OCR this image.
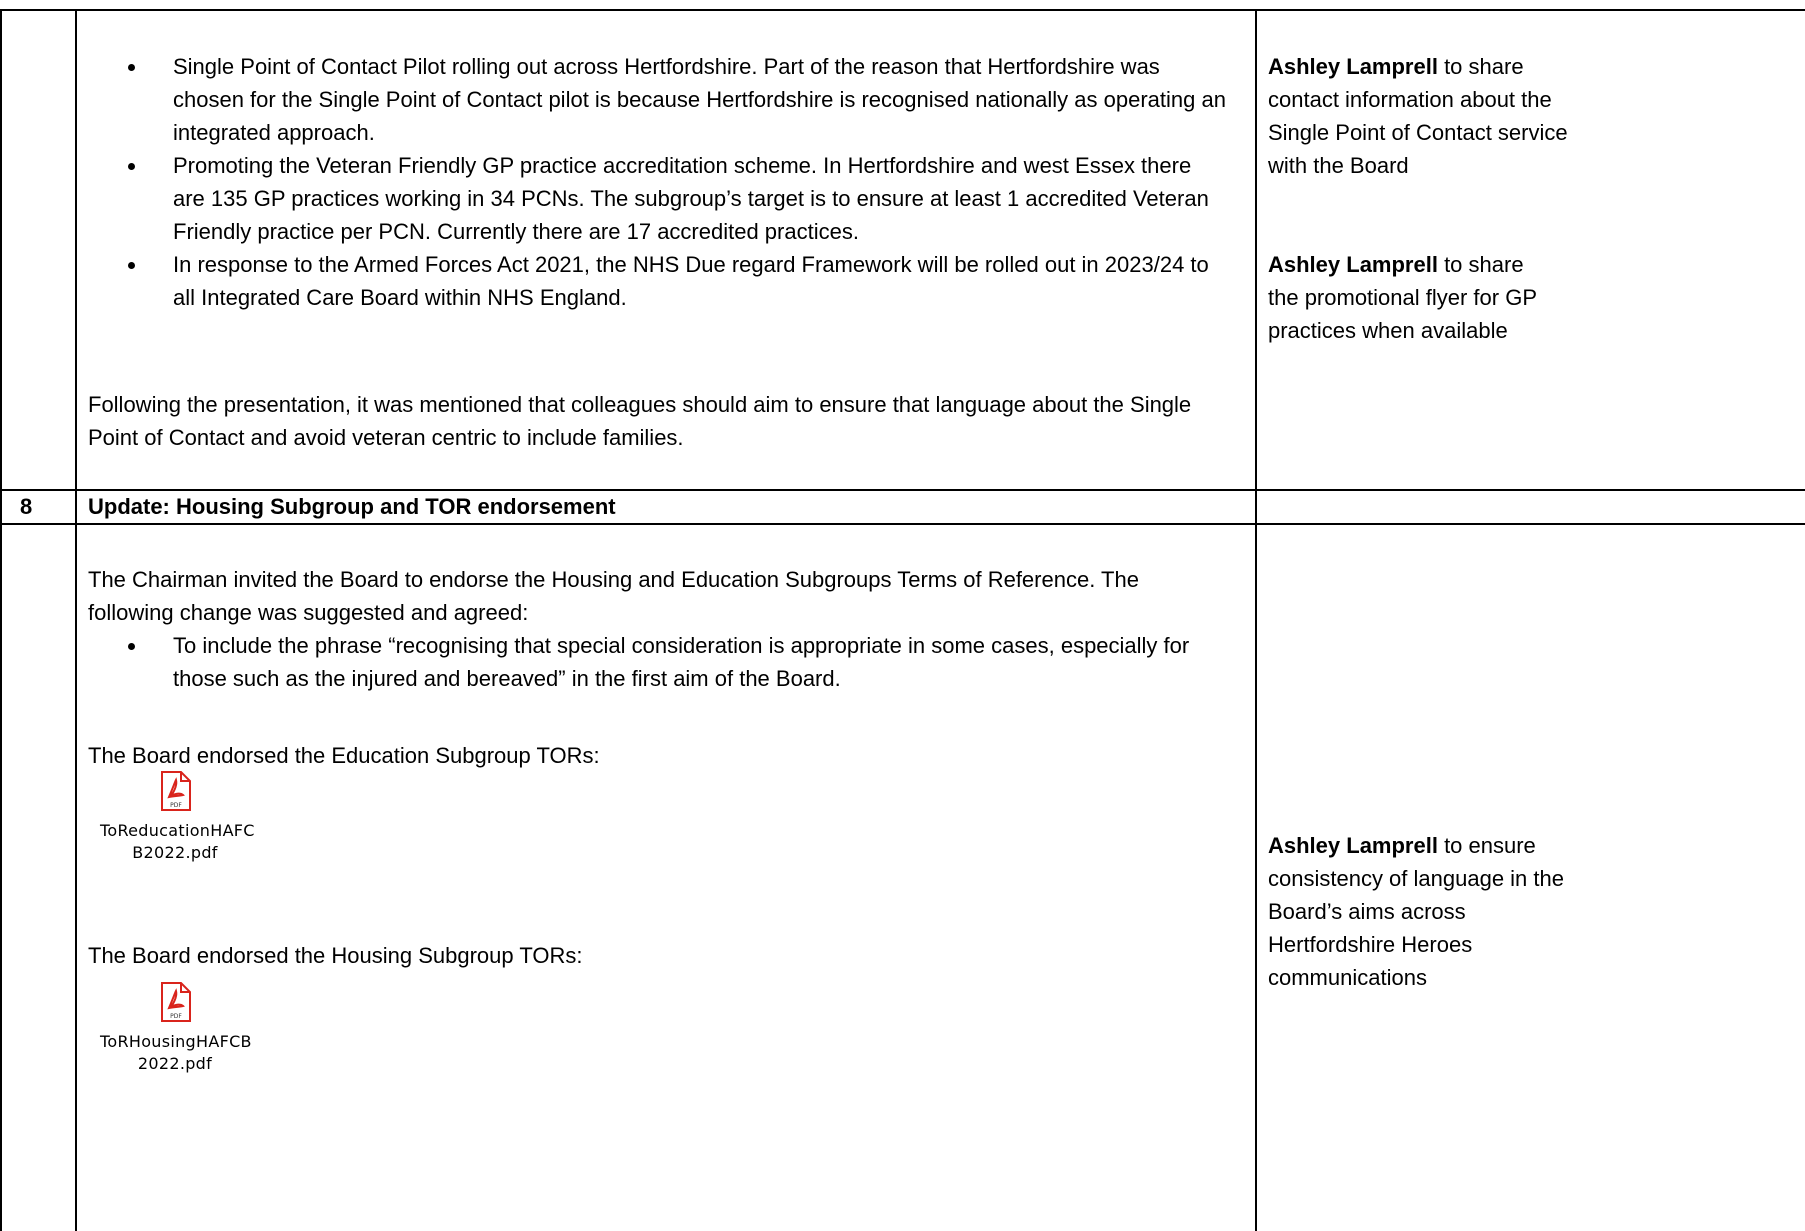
Single Point of Contact Pilot rolling out across Hertfordshire. Part of the reason that Hertfordshire was chosen for the Single Point of Contact pilot is because Hertfordshire is recognised nationally as operating an integrated approach.
Promoting the Veteran Friendly GP practice accreditation scheme. In Hertfordshire and west Essex there are 135 GP practices working in 34 PCNs. The subgroup’s target is to ensure at least 1 accredited Veteran Friendly practice per PCN. Currently there are 17 accredited practices.
In response to the Armed Forces Act 2021, the NHS Due regard Framework will be rolled out in 2023/24 to all Integrated Care Board within NHS England.

Following the presentation, it was mentioned that colleagues should aim to ensure that language about the Single Point of Contact and avoid veteran centric to include families.

Ashley Lamprell to share contact information about the Single Point of Contact service with the Board

Ashley Lamprell to share the promotional flyer for GP practices when available

8	Update: Housing Subgroup and TOR endorsement

The Chairman invited the Board to endorse the Housing and Education Subgroups Terms of Reference. The following change was suggested and agreed:

To include the phrase “recognising that special consideration is appropriate in some cases, especially for those such as the injured and bereaved” in the first aim of the Board.

The Board endorsed the Education Subgroup TORs:

PDF
ToReducationHAFC
B2022.pdf

The Board endorsed the Housing Subgroup TORs:

PDF
ToRHousingHAFCB
2022.pdf

Ashley Lamprell to ensure consistency of language in the Board’s aims across Hertfordshire Heroes communications
